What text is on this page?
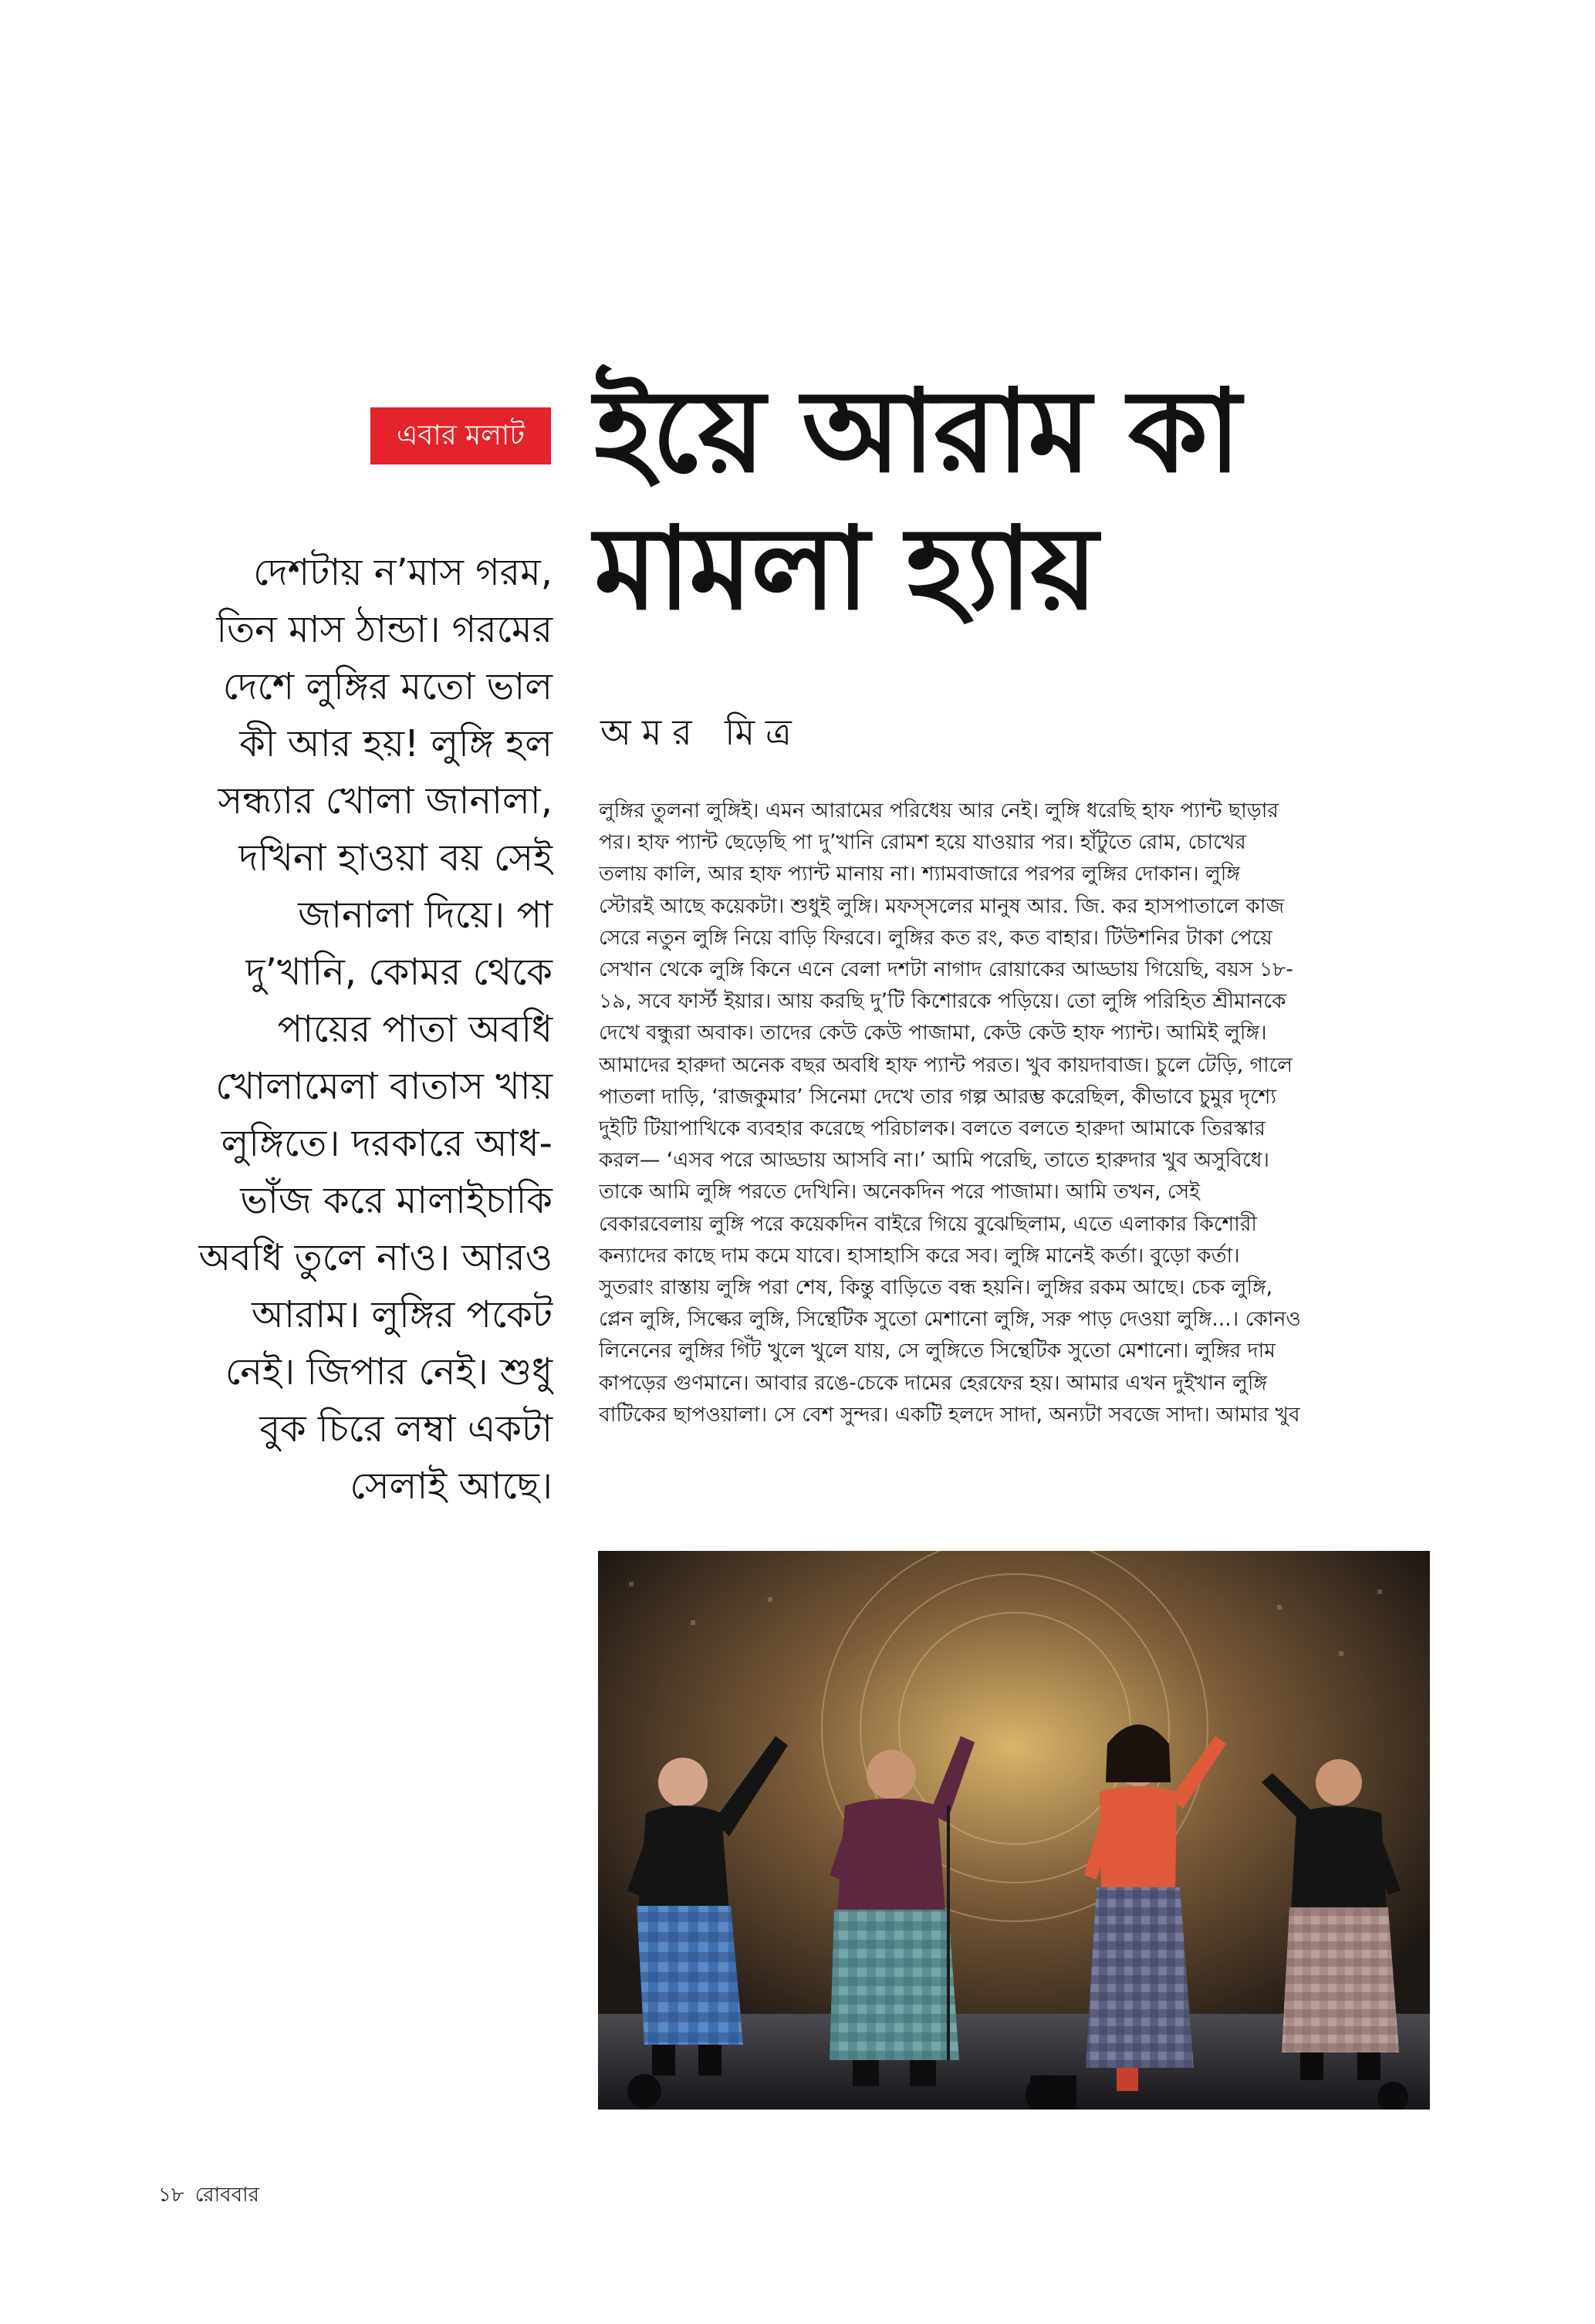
এবার মলাট ইয়ে আরাম কা
মামলা হ্যায়
অমর মিত্র
দেশটায় ন’মাস গরম,
তিন মাস ঠান্ডা। গরমের
দেশে লুঙ্গির মতো ভাল
কী আর হয়! লুঙ্গি হল
সন্ধ্যার খোলা জানালা,
দখিনা হাওয়া বয় সেই
জানালা দিয়ে। পা
দু’খানি, কোমর থেকে
পায়ের পাতা অবধি
খোলামেলা বাতাস খায়
লুঙ্গিতে। দরকারে আধ-
ভাঁজ করে মালাইচাকি
অবধি তুলে নাও। আরও
আরাম। লুঙ্গির পকেট
নেই। জিপার নেই। শুধু
বুক চিরে লম্বা একটা
সেলাই আছে।
লুঙ্গির তুলনা লুঙ্গিই। এমন আরামের পরিধেয় আর নেই। লুঙ্গি ধরেছি হাফ প্যান্ট ছাড়ার
পর। হাফ প্যান্ট ছেড়েছি পা দু’খানি রোমশ হয়ে যাওয়ার পর। হাঁটুতে রোম, চোখের
তলায় কালি, আর হাফ প্যান্ট মানায় না। শ্যামবাজারে পরপর লুঙ্গির দোকান। লুঙ্গি
স্টোরই আছে কয়েকটা। শুধুই লুঙ্গি। মফস্‌সলের মানুষ আর. জি. কর হাসপাতালে কাজ
সেরে নতুন লুঙ্গি নিয়ে বাড়ি ফিরবে। লুঙ্গির কত রং, কত বাহার। টিউশনির টাকা পেয়ে
সেখান থেকে লুঙ্গি কিনে এনে বেলা দশটা নাগাদ রোয়াকের আড্ডায় গিয়েছি, বয়স ১৮-
১৯, সবে ফার্স্ট ইয়ার। আয় করছি দু’টি কিশোরকে পড়িয়ে। তো লুঙ্গি পরিহিত শ্রীমানকে
দেখে বন্ধুরা অবাক। তাদের কেউ কেউ পাজামা, কেউ কেউ হাফ প্যান্ট। আমিই লুঙ্গি।
আমাদের হারুদা অনেক বছর অবধি হাফ প্যান্ট পরত। খুব কায়দাবাজ। চুলে টেড়ি, গালে
পাতলা দাড়ি, ‘রাজকুমার’ সিনেমা দেখে তার গল্প আরম্ভ করেছিল, কীভাবে চুমুর দৃশ্যে
দুইটি টিয়াপাখিকে ব্যবহার করেছে পরিচালক। বলতে বলতে হারুদা আমাকে তিরস্কার
করল— ‘এসব পরে আড্ডায় আসবি না।’ আমি পরেছি, তাতে হারুদার খুব অসুবিধে।
তাকে আমি লুঙ্গি পরতে দেখিনি। অনেকদিন পরে পাজামা। আমি তখন, সেই
বেকারবেলায় লুঙ্গি পরে কয়েকদিন বাইরে গিয়ে বুঝেছিলাম, এতে এলাকার কিশোরী
কন্যাদের কাছে দাম কমে যাবে। হাসাহাসি করে সব। লুঙ্গি মানেই কর্তা। বুড়ো কর্তা।
সুতরাং রাস্তায় লুঙ্গি পরা শেষ, কিন্তু বাড়িতে বন্ধ হয়নি। লুঙ্গির রকম আছে। চেক লুঙ্গি,
প্লেন লুঙ্গি, সিল্কের লুঙ্গি, সিন্থেটিক সুতো মেশানো লুঙ্গি, সরু পাড় দেওয়া লুঙ্গি...। কোনও
লিনেনের লুঙ্গির গিঁট খুলে খুলে যায়, সে লুঙ্গিতে সিন্থেটিক সুতো মেশানো। লুঙ্গির দাম
কাপড়ের গুণমানে। আবার রঙে-চেকে দামের হেরফের হয়। আমার এখন দুইখান লুঙ্গি
বাটিকের ছাপওয়ালা। সে বেশ সুন্দর। একটি হলদে সাদা, অন্যটা সবজে সাদা। আমার খুব
১৮ রোববার
